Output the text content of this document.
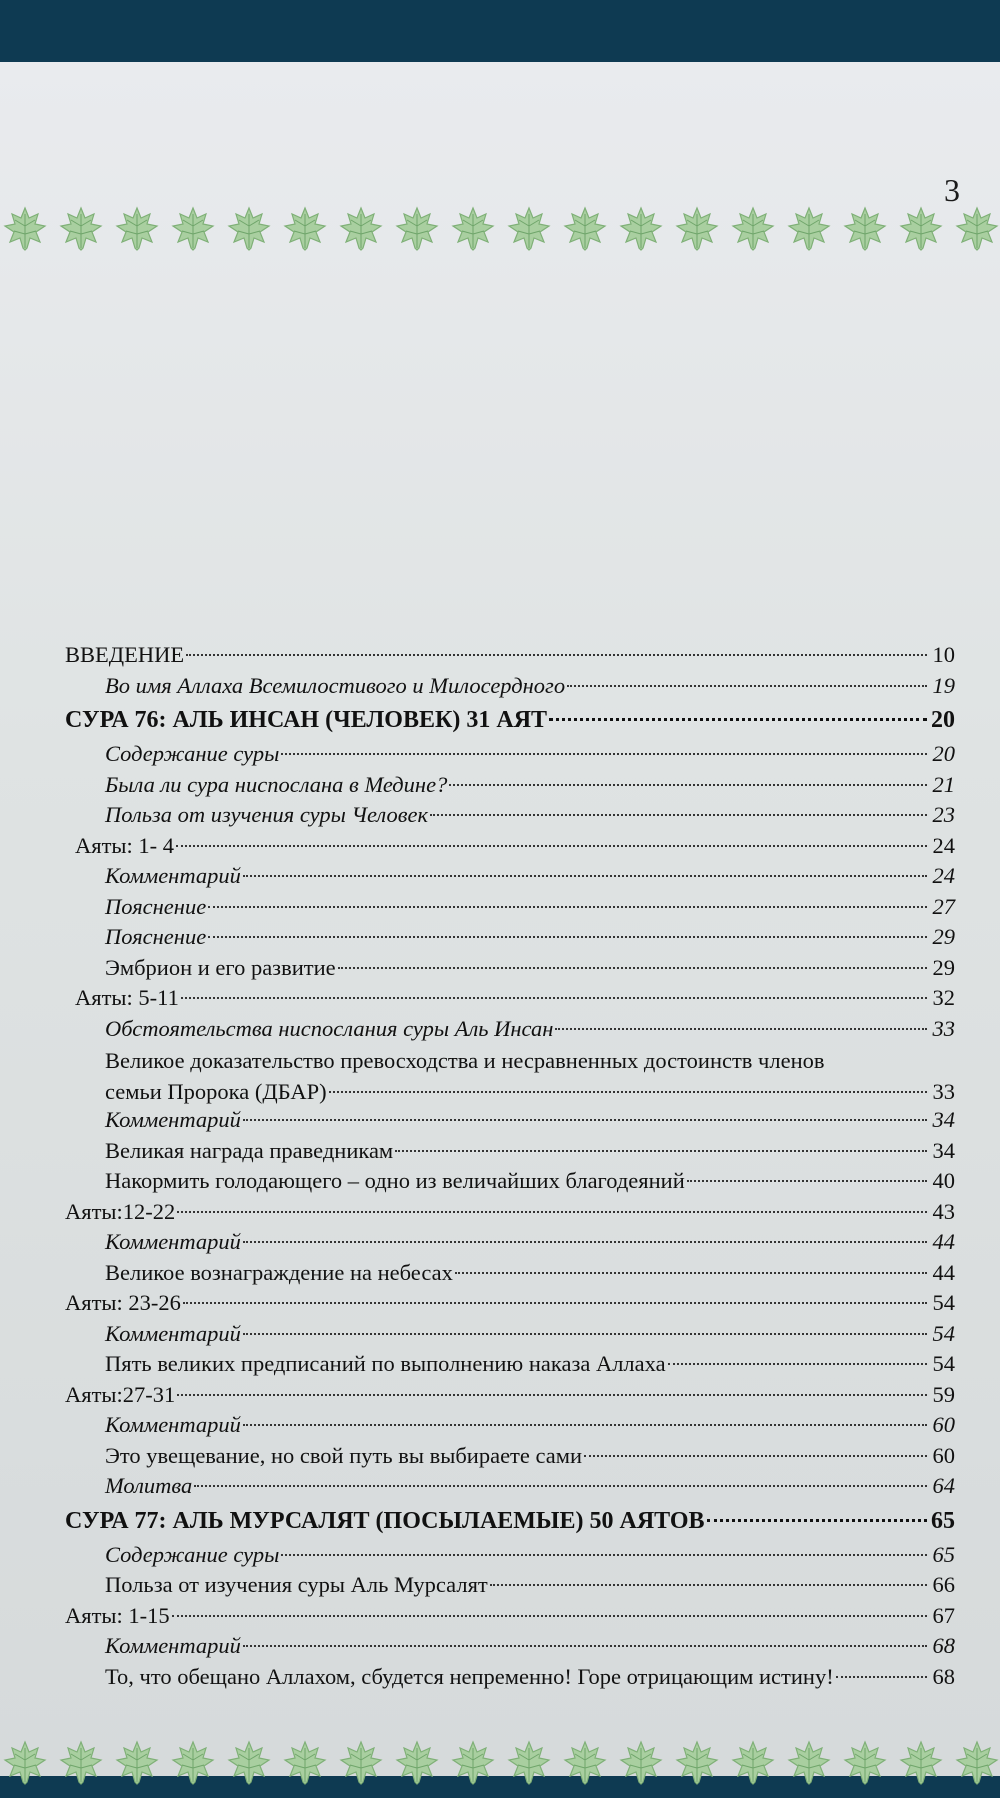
3
ВВЕДЕНИЕ	10
Во имя Аллаха Всемилостивого и Милосердного	19
СУРА 76: АЛЬ ИНСАН (ЧЕЛОВЕК) 31 АЯТ	20
Содержание суры	20
Была ли сура ниспослана в Медине?	21
Польза от изучения суры Человек	23
Аяты: 1- 4	24
Комментарий	24
Пояснение	27
Пояснение	29
Эмбрион и его развитие	29
Аяты: 5-11	32
Обстоятельства ниспослания суры Аль Инсан	33
Великое доказательство превосходства и несравненных достоинств членов
семьи Пророка (ДБАР)	33
Комментарий	34
Великая награда праведникам	34
Накормить голодающего – одно из величайших благодеяний	40
Аяты:12-22	43
Комментарий	44
Великое вознаграждение на небесах	44
Аяты: 23-26	54
Комментарий	54
Пять великих предписаний по выполнению наказа Аллаха	54
Аяты:27-31	59
Комментарий	60
Это увещевание, но свой путь вы выбираете сами	60
Молитва	64
СУРА 77: АЛЬ МУРСАЛЯТ (ПОСЫЛАЕМЫЕ) 50 АЯТОВ	65
Содержание суры	65
Польза от изучения суры Аль Мурсалят	66
Аяты: 1-15	67
Комментарий	68
То, что обещано Аллахом, сбудется непременно! Горе отрицающим истину!	68
